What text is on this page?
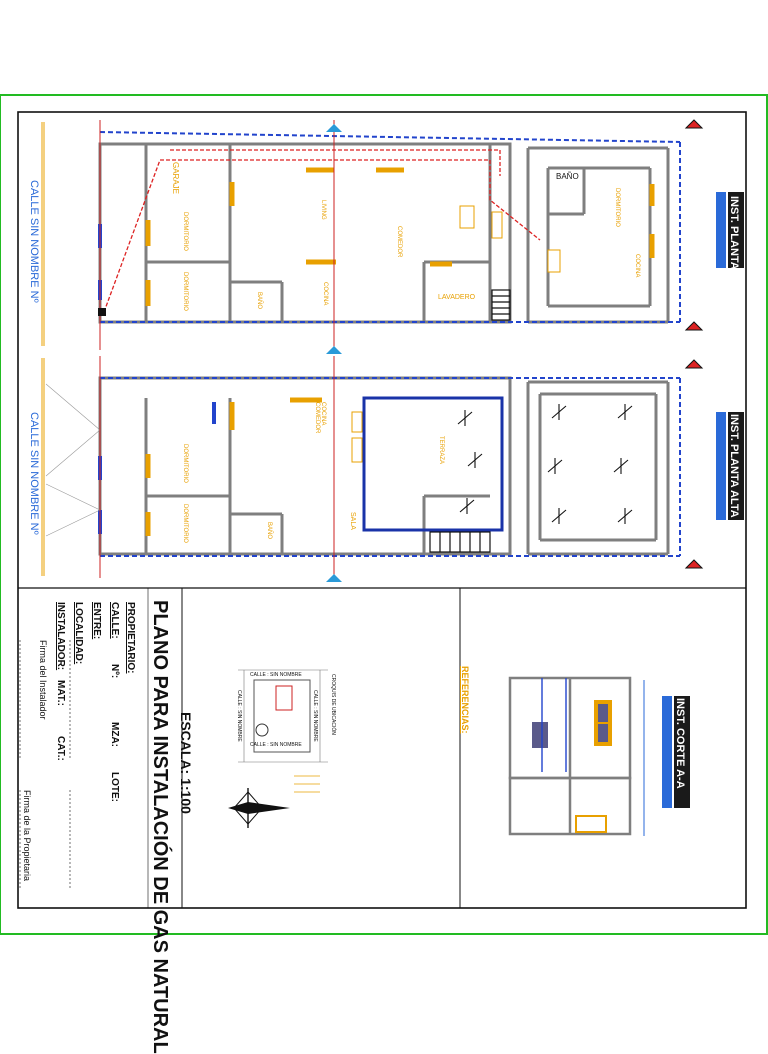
PLANO PARA INSTALACIÓN DE GAS NATURAL ESCALA: 1:100
PROPIETARIO:
CALLE:
ENTRE:
LOCALIDAD:
INSTALADOR:
Nº:
MZA:
LOTE:
MAT.:
CAT.:
Firma del Instalador
Firma de la Propietaria
INST. PLANTA
INST. PLANTA ALTA
INST. CORTE A-A
CALLE SIN NOMBRE Nº
CALLE SIN NOMBRE Nº
GARAJE
DORMITORIO
DORMITORIO
LIVING
COMEDOR
BAÑO	COCINA	LAVADERO
BAÑO
DORMITORIO
COCINA
DORMITORIO
DORMITORIO	BAÑO
COCINA COMEDOR
SALA
TERRAZA
CROQUIS DE UBICACIÓN
CALLE : SIN NOMBRE
CALLE : SIN NOMBRE
CALLE : SIN NOMBRE	CALLE : SIN NOMBRE	REFERENCIAS:
